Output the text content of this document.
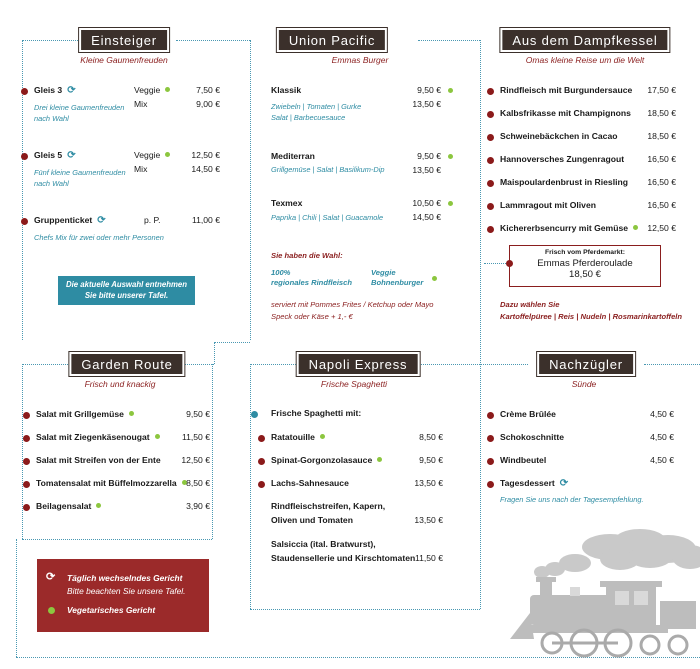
Einsteiger
Kleine Gaumenfreuden
Gleis 3 ⟳	Veggie	7,50 €
Mix	9,00 €
Drei kleine Gaumenfreuden
nach Wahl
Gleis 5 ⟳	Veggie	12,50 €
Mix	14,50 €
Fünf kleine Gaumenfreuden
nach Wahl
Gruppenticket ⟳	p. P.	11,00 €
Chefs Mix für zwei oder mehr Personen
Die aktuelle Auswahl entnehmen
Sie bitte unserer Tafel.
Union Pacific
Emmas Burger
Klassik	9,50 €
13,50 €
Zwiebeln | Tomaten | Gurke
Salat | Barbecuesauce
Mediterran	9,50 €
13,50 €
Grillgemüse | Salat | Basilikum-Dip
Texmex	10,50 €
14,50 €
Paprika | Chili | Salat | Guacamole
Sie haben die Wahl:
100%
regionales Rindfleisch
Veggie
Bohnenburger
serviert mit Pommes Frites / Ketchup oder Mayo
Speck oder Käse + 1,- €
Aus dem Dampfkessel
Omas kleine Reise um die Welt
Rindfleisch mit Burgundersauce 17,50 €
Kalbsfrikasse mit Champignons 18,50 €
Schweinebäckchen in Cacao	18,50 €
Hannoversches Zungenragout	16,50 €
Maispoulardenbrust in Riesling 16,50 €
Lammragout mit Oliven	16,50 €
Kichererbsencurry mit Gemüse	12,50 €
Frisch vom Pferdemarkt:
Emmas Pferderoulade
18,50 €
Dazu wählen Sie
Kartoffelpüree | Reis | Nudeln | Rosmarinkartoffeln
Garden Route
Frisch und knackig
Salat mit Grillgemüse	9,50 €
Salat mit Ziegenkäsenougat	11,50 €
Salat mit Streifen von der Ente 12,50 €
Tomatensalat mit Büffelmozzarella	8,50 €
Beilagensalat	3,90 €
Napoli Express
Frische Spaghetti
Frische Spaghetti mit:
Ratatouille	8,50 €
Spinat-Gorgonzolasauce	9,50 €
Lachs-Sahnesauce	13,50 €
Rindfleischstreifen, Kapern,
Oliven und Tomaten	13,50 €
Salsiccia (ital. Bratwurst),
Staudensellerie und Kirschtomaten 11,50 €
Nachzügler
Sünde
Crème Brûlée	4,50 €
Schokoschnitte	4,50 €
Windbeutel	4,50 €
Tagesdessert ⟳
Fragen Sie uns nach der Tagesempfehlung.
⟳ Täglich wechselndes Gericht
Bitte beachten Sie unsere Tafel.
Vegetarisches Gericht
